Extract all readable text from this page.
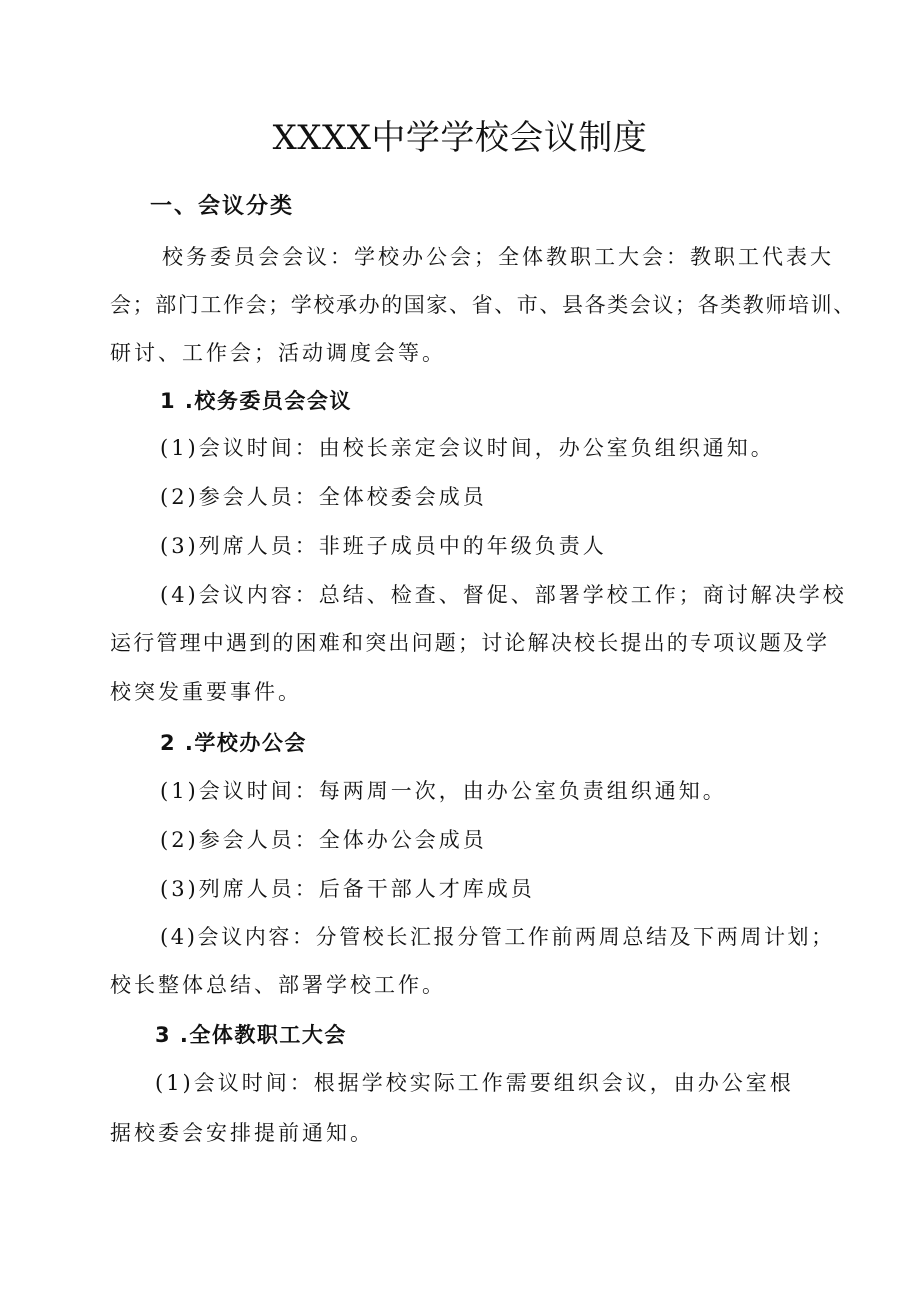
XXXX中学学校会议制度
一、会议分类
校务委员会会议：学校办公会；全体教职工大会：教职工代表大
会；部门工作会；学校承办的国家、省、市、县各类会议；各类教师培训、
研讨、工作会；活动调度会等。
1 .校务委员会会议
(1)会议时间：由校长亲定会议时间，办公室负组织通知。
(2)参会人员：全体校委会成员
(3)列席人员：非班子成员中的年级负责人
(4)会议内容：总结、检查、督促、部署学校工作；商讨解决学校
运行管理中遇到的困难和突出问题；讨论解决校长提出的专项议题及学
校突发重要事件。
2 .学校办公会
(1)会议时间：每两周一次，由办公室负责组织通知。
(2)参会人员：全体办公会成员
(3)列席人员：后备干部人才库成员
(4)会议内容：分管校长汇报分管工作前两周总结及下两周计划；
校长整体总结、部署学校工作。
3 .全体教职工大会
(1)会议时间：根据学校实际工作需要组织会议，由办公室根
据校委会安排提前通知。
